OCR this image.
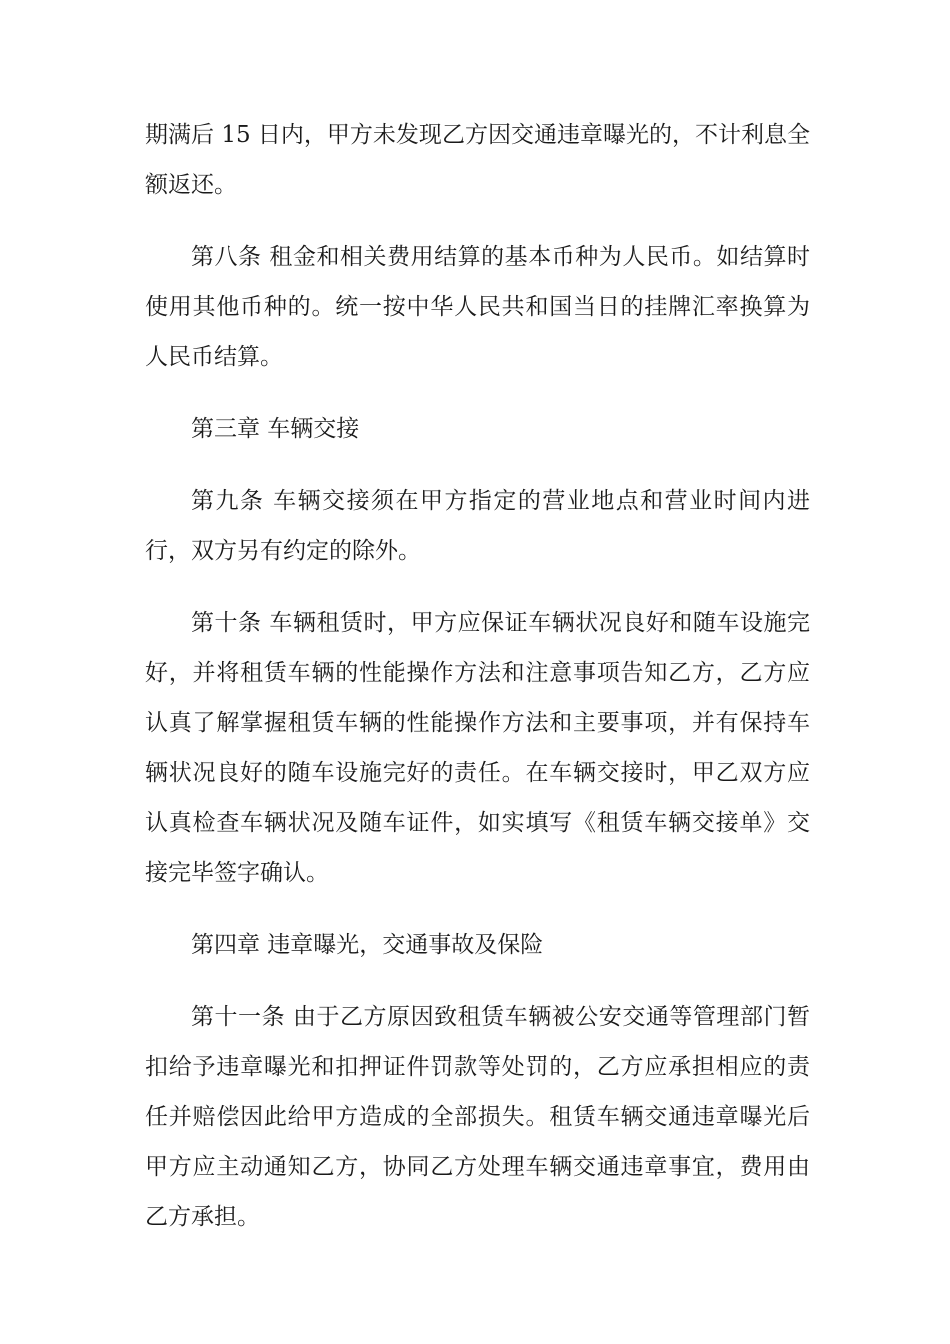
期满后 15 日内，甲方未发现乙方因交通违章曝光的，不计利息全额返还。

第八条 租金和相关费用结算的基本币种为人民币。如结算时使用其他币种的。统一按中华人民共和国当日的挂牌汇率换算为人民币结算。

第三章 车辆交接

第九条 车辆交接须在甲方指定的营业地点和营业时间内进行，双方另有约定的除外。

第十条 车辆租赁时，甲方应保证车辆状况良好和随车设施完好，并将租赁车辆的性能操作方法和注意事项告知乙方，乙方应认真了解掌握租赁车辆的性能操作方法和主要事项，并有保持车辆状况良好的随车设施完好的责任。在车辆交接时，甲乙双方应认真检查车辆状况及随车证件，如实填写《租赁车辆交接单》交接完毕签字确认。

第四章 违章曝光，交通事故及保险

第十一条 由于乙方原因致租赁车辆被公安交通等管理部门暂扣给予违章曝光和扣押证件罚款等处罚的，乙方应承担相应的责任并赔偿因此给甲方造成的全部损失。租赁车辆交通违章曝光后甲方应主动通知乙方，协同乙方处理车辆交通违章事宜，费用由乙方承担。
